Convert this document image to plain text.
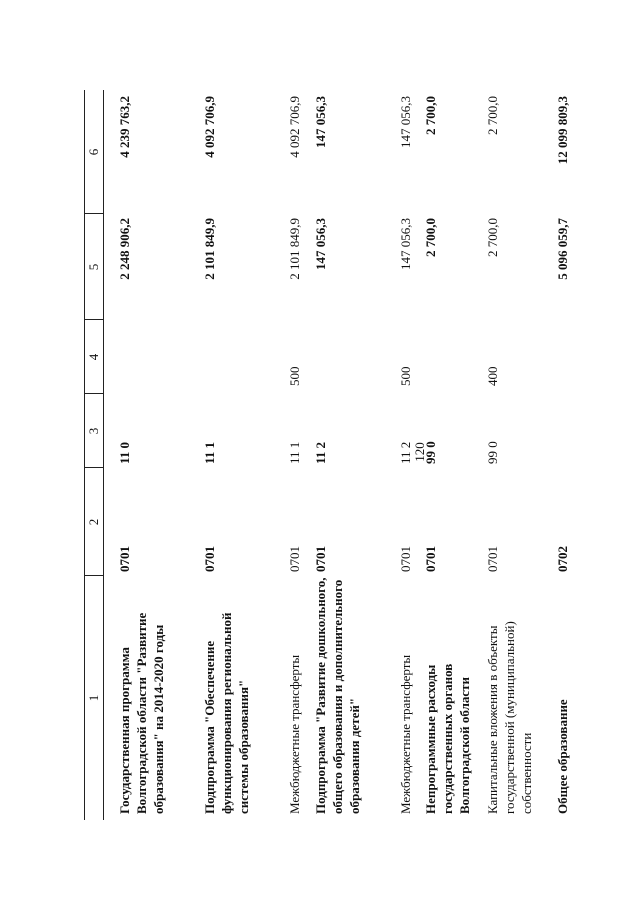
120
1
2
3
4
5
6
Государственная программа Волгоградской области "Развитие образования" на 2014-2020 годы
0701
11 0
2 248 906,2
4 239 763,2
Подпрограмма "Обеспечение функционирования региональной системы образования"
0701
11 1
2 101 849,9
4 092 706,9
Межбюджетные трансферты
0701
11 1
500
2 101 849,9
4 092 706,9
Подпрограмма "Развитие дошкольного, общего образования и дополнительного образования детей"
0701
11 2
147 056,3
147 056,3
Межбюджетные трансферты
0701
11 2
500
147 056,3
147 056,3
Непрограммные расходы государственных органов Волгоградской области
0701
99 0
2 700,0
2 700,0
Капитальные вложения в объекты государственной (муниципальной) собственности
0701
99 0
400
2 700,0
2 700,0
Общее образование
0702
5 096 059,7
12 099 809,3
